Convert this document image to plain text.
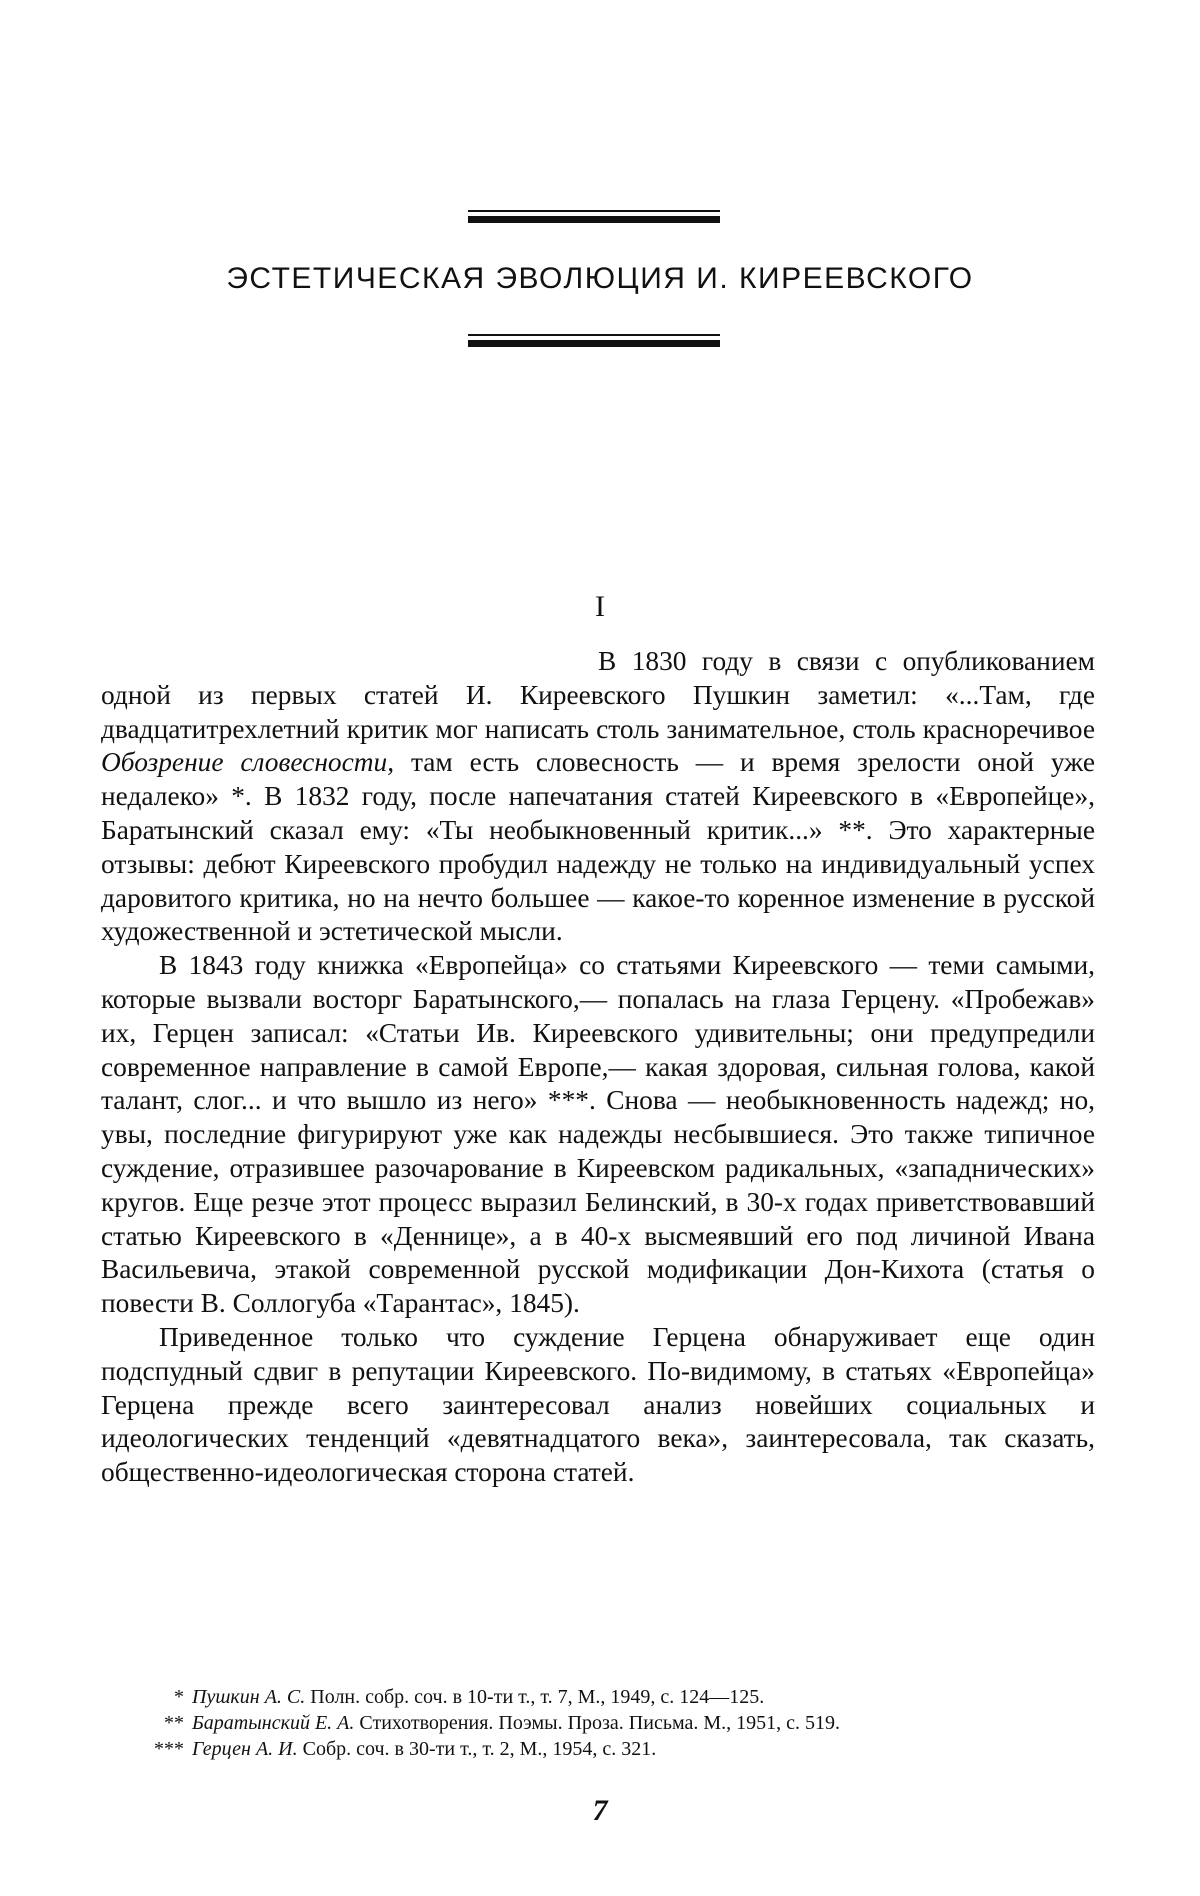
ЭСТЕТИЧЕСКАЯ ЭВОЛЮЦИЯ И. КИРЕЕВСКОГО
I

В 1830 году в связи с опубликованием одной из первых статей И. Киреевского Пушкин заметил: «...Там, где двадцатитрехлетний критик мог написать столь занимательное, столь красноречивое Обозрение словесности, там есть словесность — и время зрелости оной уже недалеко» *. В 1832 году, после напечатания статей Киреевского в «Европейце», Баратынский сказал ему: «Ты необыкновенный критик...» **. Это характерные отзывы: дебют Киреевского пробудил надежду не только на индивидуальный успех даровитого критика, но на нечто большее — какое-то коренное изменение в русской художественной и эстетической мысли.

В 1843 году книжка «Европейца» со статьями Киреевского — теми самыми, которые вызвали восторг Баратынского,— попалась на глаза Герцену. «Пробежав» их, Герцен записал: «Статьи Ив. Киреевского удивительны; они предупредили современное направление в самой Европе,— какая здоровая, сильная голова, какой талант, слог... и что вышло из него» ***. Снова — необыкновенность надежд; но, увы, последние фигурируют уже как надежды несбывшиеся. Это также типичное суждение, отразившее разочарование в Киреевском радикальных, «западнических» кругов. Еще резче этот процесс выразил Белинский, в 30-х годах приветствовавший статью Киреевского в «Деннице», а в 40-х высмеявший его под личиной Ивана Васильевича, этакой современной русской модификации Дон-Кихота (статья о повести В. Соллогуба «Тарантас», 1845).

Приведенное только что суждение Герцена обнаруживает еще один подспудный сдвиг в репутации Киреевского. По-видимому, в статьях «Европейца» Герцена прежде всего заинтересовал анализ новейших социальных и идеологических тенденций «девятнадцатого века», заинтересовала, так сказать, общественно-идеологическая сторона статей.

* Пушкин А. С. Полн. собр. соч. в 10-ти т., т. 7, М., 1949, с. 124—125.
** Баратынский Е. А. Стихотворения. Поэмы. Проза. Письма. М., 1951, с. 519.
*** Герцен А. И. Собр. соч. в 30-ти т., т. 2, М., 1954, с. 321.
7
